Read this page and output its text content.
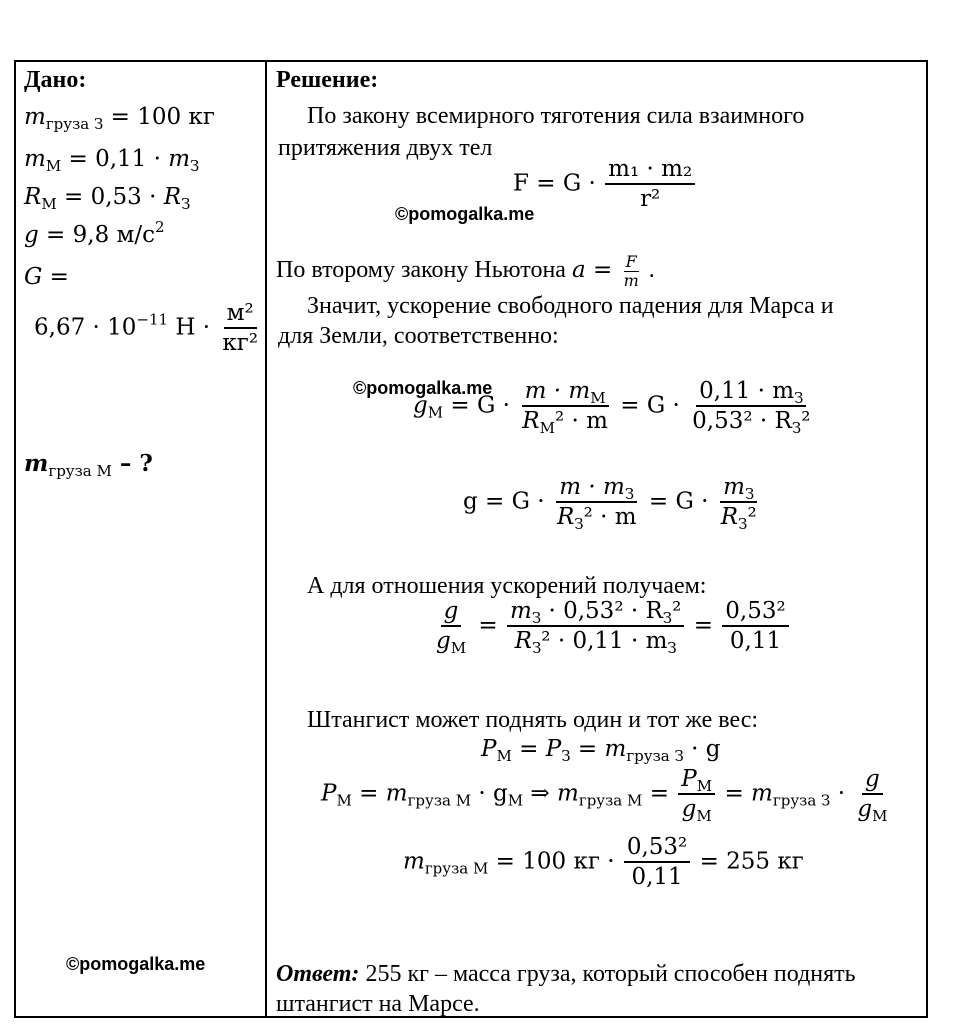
Дано:
$m_{груза З} = 100$ кг
$m_М = 0,11 \cdot m_З$
$R_М = 0,53 \cdot R_З$
g = 9,8 $м/с^2$
G =
$6,67 \cdot 10^{-11}$ $Н \cdot \frac{\text{м²}}{\text{кг²}}$
$m_{груза М}$ – ?
©pomogalka.me
Решение:
По закону всемирного тяготения сила взаимного
притяжения двух тел
$F = G \cdot \frac{\text{m₁ · m₂}}{\text{r²}}$
©pomogalka.me
По второму закону Ньютона $a = \frac{F}{m}$ .
Значит, ускорение свободного падения для Марса и
для Земли, соответственно:
©pomogalka.me
$g_М = G \cdot \frac{m \cdot m_М}{R_М^2 \cdot m} = G \cdot \frac{0,11 \cdot m_З}{0,53^2 \cdot R_З^2}$
$g = G \cdot \frac{m \cdot m_З}{R_З^2 \cdot m} = G \cdot \frac{m_З}{R_З^2}$
А для отношения ускорений получаем:
$\frac{g}{g_М} = \frac{m_З \cdot 0,53^2 \cdot R_З^2}{R_З^2 \cdot 0,11 \cdot m_З} = \frac{\text{0,53²}}{0,11}$
Штангист может поднять один и тот же вес:
$P_М = P_З = m_{груза З} \cdot g$
$P_М = m_{груза М} \cdot g_М$ ⇒ $m_{груза М} = \frac{P_М}{g_М} = m_{груза З} \cdot \frac{g}{g_М}$
$m_{груза М} = 100$ кг · $\frac{\text{0,53²}}{0,11} = 255$ кг
Ответ: 255 кг – масса груза, который способен поднять
штангист на Марсе.
